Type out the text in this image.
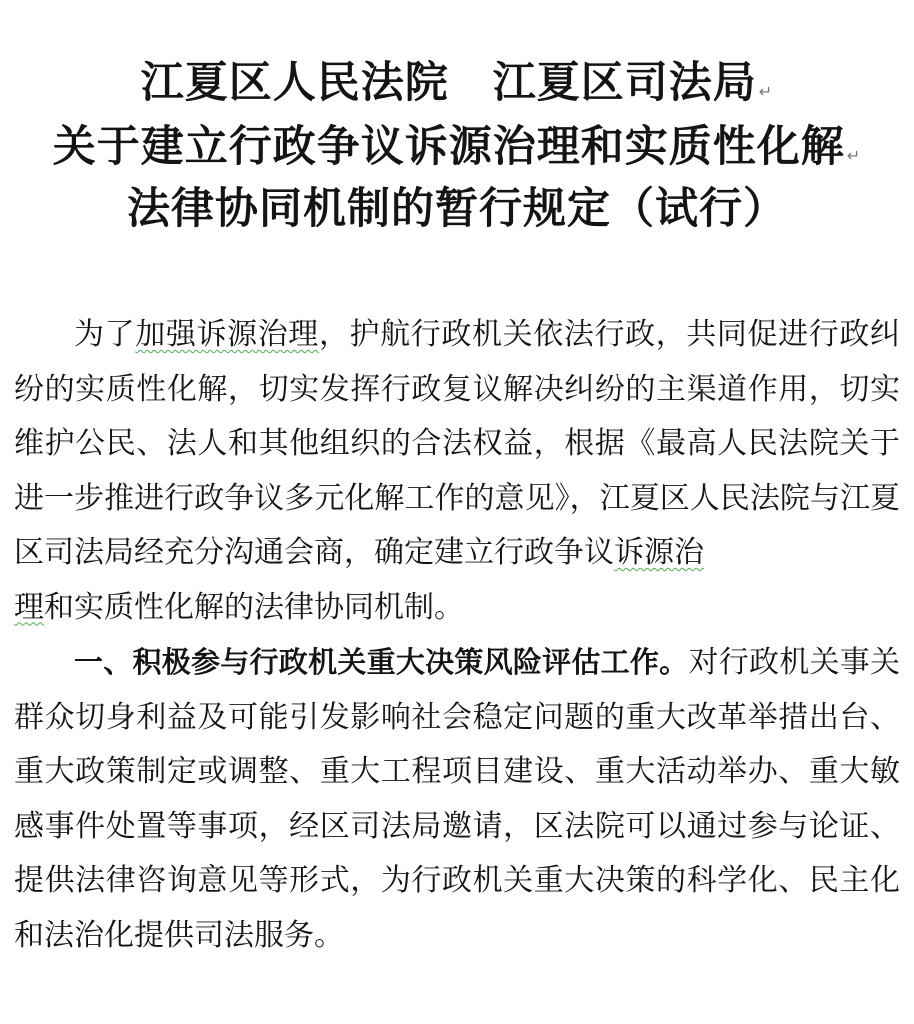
江夏区人民法院 江夏区司法局 ↵
关于建立行政争议诉源治理和实质性化解 ↵
法律协同机制的暂行规定（试行）

为了加强诉源治理，护航行政机关依法行政，共同促进行政纠纷的实质性化解，切实发挥行政复议解决纠纷的主渠道作用，切实维护公民、法人和其他组织的合法权益，根据《最高人民法院关于进一步推进行政争议多元化解工作的意见》，江夏区人民法院与江夏区司法局经充分沟通会商，确定建立行政争议诉源治
理和实质性化解的法律协同机制。

一、积极参与行政机关重大决策风险评估工作。对行政机关事关群众切身利益及可能引发影响社会稳定问题的重大改革举措出台、重大政策制定或调整、重大工程项目建设、重大活动举办、重大敏感事件处置等事项，经区司法局邀请，区法院可以通过参与论证、提供法律咨询意见等形式，为行政机关重大决策的科学化、民主化和法治化提供司法服务。
